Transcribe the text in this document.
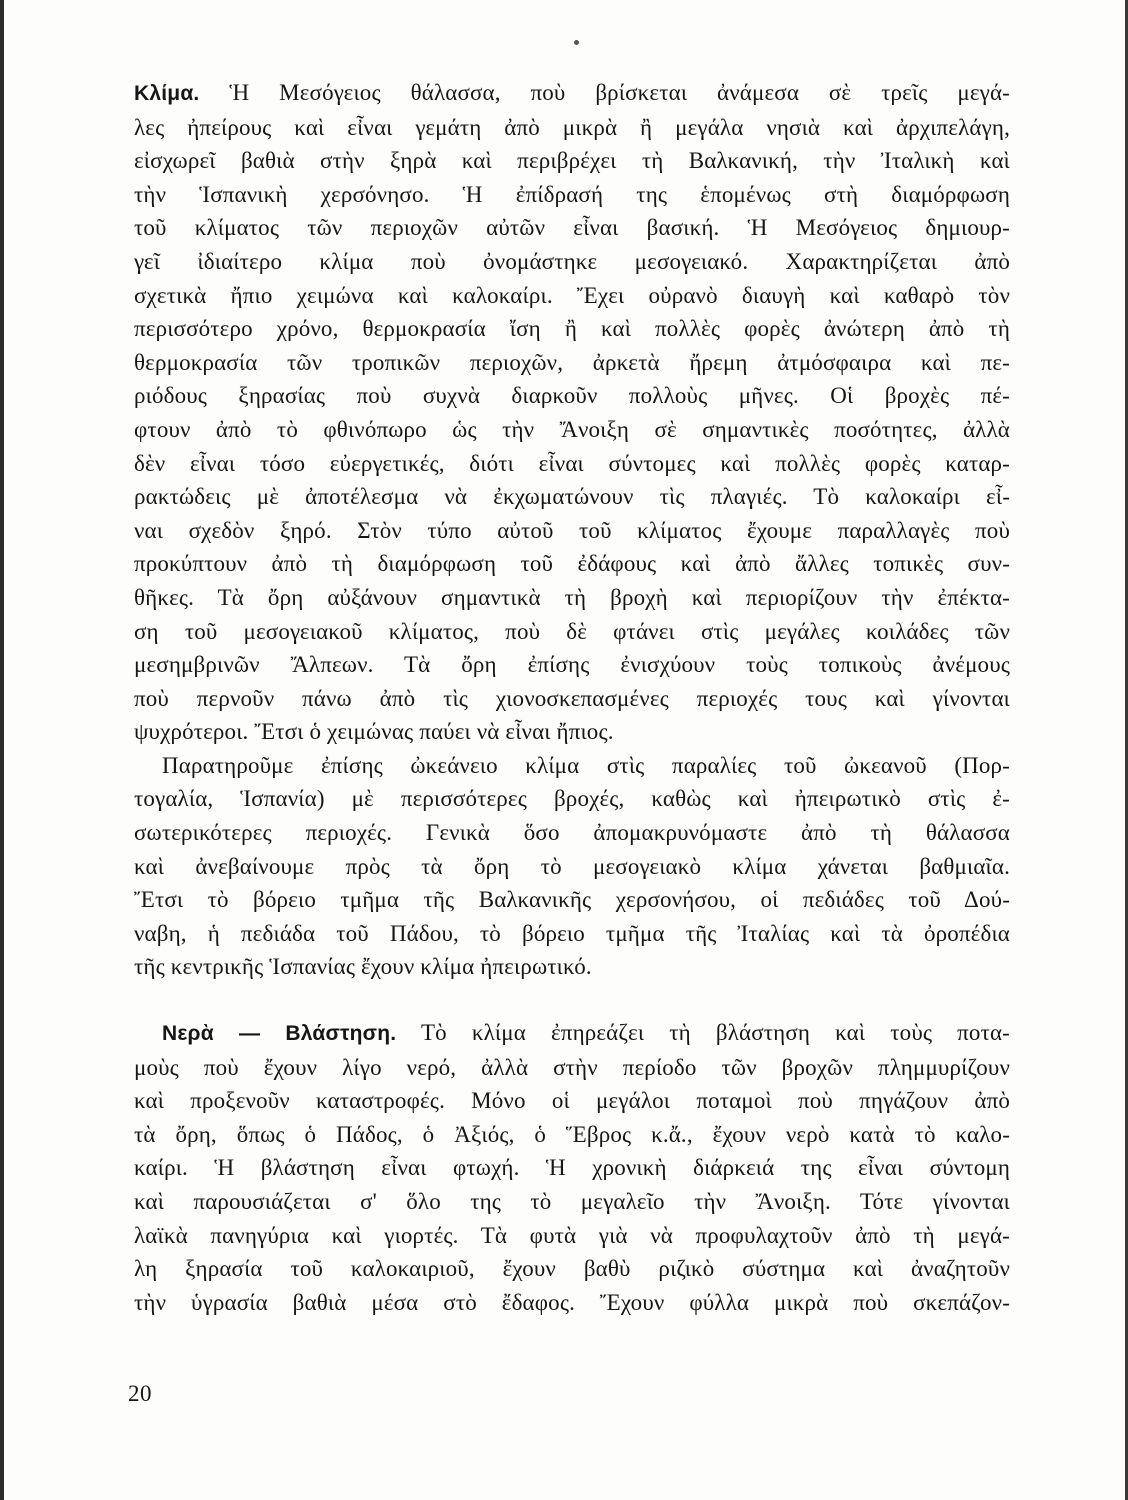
Κλίμα. Ἡ Μεσόγειος θάλασσα, ποὺ βρίσκεται ἀνάμεσα σὲ τρεῖς μεγά-
λες ἠπείρους καὶ εἶναι γεμάτη ἀπὸ μικρὰ ἢ μεγάλα νησιὰ καὶ ἀρχιπελάγη,
εἰσχωρεῖ βαθιὰ στὴν ξηρὰ καὶ περιβρέχει τὴ Βαλκανική, τὴν Ἰταλικὴ καὶ
τὴν Ἱσπανικὴ χερσόνησο. Ἡ ἐπίδρασή της ἑπομένως στὴ διαμόρφωση
τοῦ κλίματος τῶν περιοχῶν αὐτῶν εἶναι βασική. Ἡ Μεσόγειος δημιουρ-
γεῖ ἰδιαίτερο κλίμα ποὺ ὀνομάστηκε μεσογειακό. Χαρακτηρίζεται ἀπὸ
σχετικὰ ἤπιο χειμώνα καὶ καλοκαίρι. Ἔχει οὐρανὸ διαυγὴ καὶ καθαρὸ τὸν
περισσότερο χρόνο, θερμοκρασία ἴση ἢ καὶ πολλὲς φορὲς ἀνώτερη ἀπὸ τὴ
θερμοκρασία τῶν τροπικῶν περιοχῶν, ἀρκετὰ ἤρεμη ἀτμόσφαιρα καὶ πε-
ριόδους ξηρασίας ποὺ συχνὰ διαρκοῦν πολλοὺς μῆνες. Οἱ βροχὲς πέ-
φτουν ἀπὸ τὸ φθινόπωρο ὡς τὴν Ἄνοιξη σὲ σημαντικὲς ποσότητες, ἀλλὰ
δὲν εἶναι τόσο εὐεργετικές, διότι εἶναι σύντομες καὶ πολλὲς φορὲς καταρ-
ρακτώδεις μὲ ἀποτέλεσμα νὰ ἐκχωματώνουν τὶς πλαγιές. Τὸ καλοκαίρι εἶ-
ναι σχεδὸν ξηρό. Στὸν τύπο αὐτοῦ τοῦ κλίματος ἔχουμε παραλλαγὲς ποὺ
προκύπτουν ἀπὸ τὴ διαμόρφωση τοῦ ἐδάφους καὶ ἀπὸ ἄλλες τοπικὲς συν-
θῆκες. Τὰ ὄρη αὐξάνουν σημαντικὰ τὴ βροχὴ καὶ περιορίζουν τὴν ἐπέκτα-
ση τοῦ μεσογειακοῦ κλίματος, ποὺ δὲ φτάνει στὶς μεγάλες κοιλάδες τῶν
μεσημβρινῶν Ἄλπεων. Τὰ ὄρη ἐπίσης ἐνισχύουν τοὺς τοπικοὺς ἀνέμους
ποὺ περνοῦν πάνω ἀπὸ τὶς χιονοσκεπασμένες περιοχές τους καὶ γίνονται
ψυχρότεροι. Ἔτσι ὁ χειμώνας παύει νὰ εἶναι ἤπιος.
Παρατηροῦμε ἐπίσης ὠκεάνειο κλίμα στὶς παραλίες τοῦ ὠκεανοῦ (Πορ-
τογαλία, Ἱσπανία) μὲ περισσότερες βροχές, καθὼς καὶ ἠπειρωτικὸ στὶς ἐ-
σωτερικότερες περιοχές. Γενικὰ ὅσο ἀπομακρυνόμαστε ἀπὸ τὴ θάλασσα
καὶ ἀνεβαίνουμε πρὸς τὰ ὄρη τὸ μεσογειακὸ κλίμα χάνεται βαθμιαῖα.
Ἔτσι τὸ βόρειο τμῆμα τῆς Βαλκανικῆς χερσονήσου, οἱ πεδιάδες τοῦ Δού-
ναβη, ἡ πεδιάδα τοῦ Πάδου, τὸ βόρειο τμῆμα τῆς Ἰταλίας καὶ τὰ ὀροπέδια
τῆς κεντρικῆς Ἱσπανίας ἔχουν κλίμα ἠπειρωτικό.
Νερὰ — Βλάστηση. Τὸ κλίμα ἐπηρεάζει τὴ βλάστηση καὶ τοὺς ποτα-
μοὺς ποὺ ἔχουν λίγο νερό, ἀλλὰ στὴν περίοδο τῶν βροχῶν πλημμυρίζουν
καὶ προξενοῦν καταστροφές. Μόνο οἱ μεγάλοι ποταμοὶ ποὺ πηγάζουν ἀπὸ
τὰ ὄρη, ὅπως ὁ Πάδος, ὁ Ἀξιός, ὁ Ἕβρος κ.ἄ., ἔχουν νερὸ κατὰ τὸ καλο-
καίρι. Ἡ βλάστηση εἶναι φτωχή. Ἡ χρονικὴ διάρκειά της εἶναι σύντομη
καὶ παρουσιάζεται σ' ὅλο της τὸ μεγαλεῖο τὴν Ἄνοιξη. Τότε γίνονται
λαϊκὰ πανηγύρια καὶ γιορτές. Τὰ φυτὰ γιὰ νὰ προφυλαχτοῦν ἀπὸ τὴ μεγά-
λη ξηρασία τοῦ καλοκαιριοῦ, ἔχουν βαθὺ ριζικὸ σύστημα καὶ ἀναζητοῦν
τὴν ὑγρασία βαθιὰ μέσα στὸ ἔδαφος. Ἔχουν φύλλα μικρὰ ποὺ σκεπάζον-
20
